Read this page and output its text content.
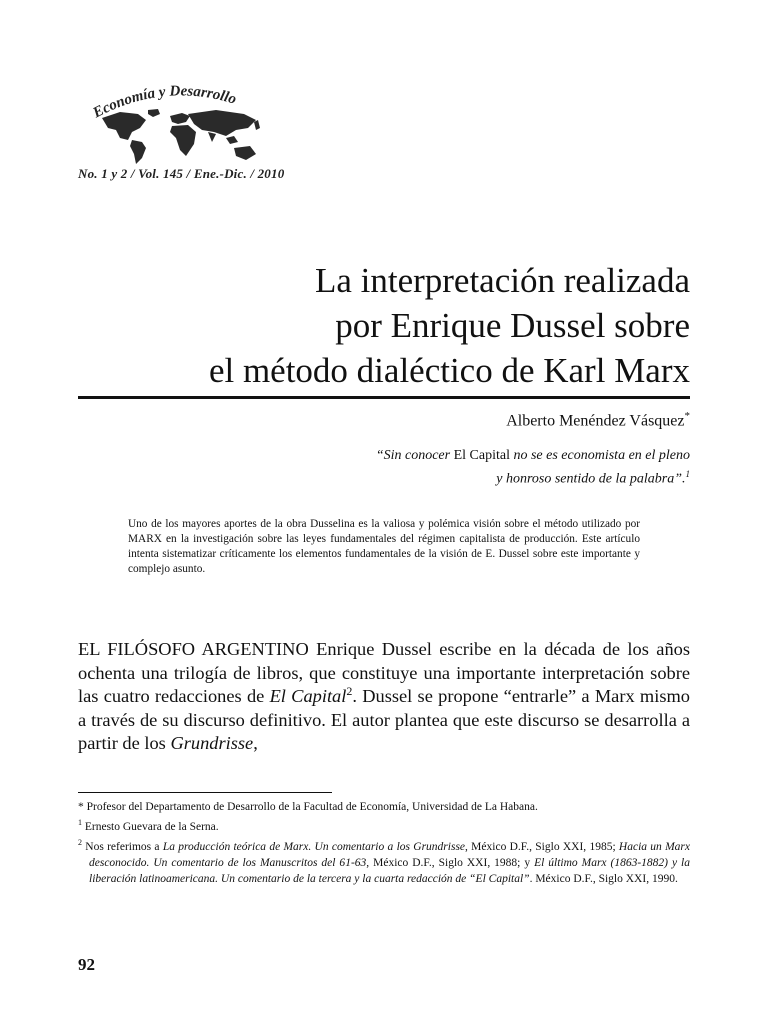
Economía y Desarrollo
No. 1 y 2 / Vol. 145 / Ene.-Dic. / 2010
La interpretación realizada
por Enrique Dussel sobre
el método dialéctico de Karl Marx
Alberto Menéndez Vásquez*
“Sin conocer El Capital no se es economista en el pleno
y honroso sentido de la palabra”.$^1$

Uno de los mayores aportes de la obra Dusselina es la valiosa y polémica visión sobre el método utilizado por MARX en la investigación sobre las leyes fundamentales del régimen capitalista de producción. Este artículo intenta sistematizar críticamente los elementos fundamentales de la visión de E. Dussel sobre este importante y complejo asunto.

EL FILÓSOFO ARGENTINO Enrique Dussel escribe en la década de los años ochenta una trilogía de libros, que constituye una importante interpretación sobre las cuatro redacciones de El Capital$^2$. Dussel se propone “entrarle” a Marx mismo a través de su discurso definitivo. El autor plantea que este discurso se desarrolla a partir de los Grundrisse,

* Profesor del Departamento de Desarrollo de la Facultad de Economía, Universidad de La Habana.
$^1$ Ernesto Guevara de la Serna.
$^2$ Nos referimos a La producción teórica de Marx. Un comentario a los Grundrisse, México D.F., Siglo XXI, 1985; Hacia un Marx desconocido. Un comentario de los Manuscritos del 61-63, México D.F., Siglo XXI, 1988; y El último Marx (1863-1882) y la liberación latinoamericana. Un comentario de la tercera y la cuarta redacción de “El Capital”. México D.F., Siglo XXI, 1990.
92
